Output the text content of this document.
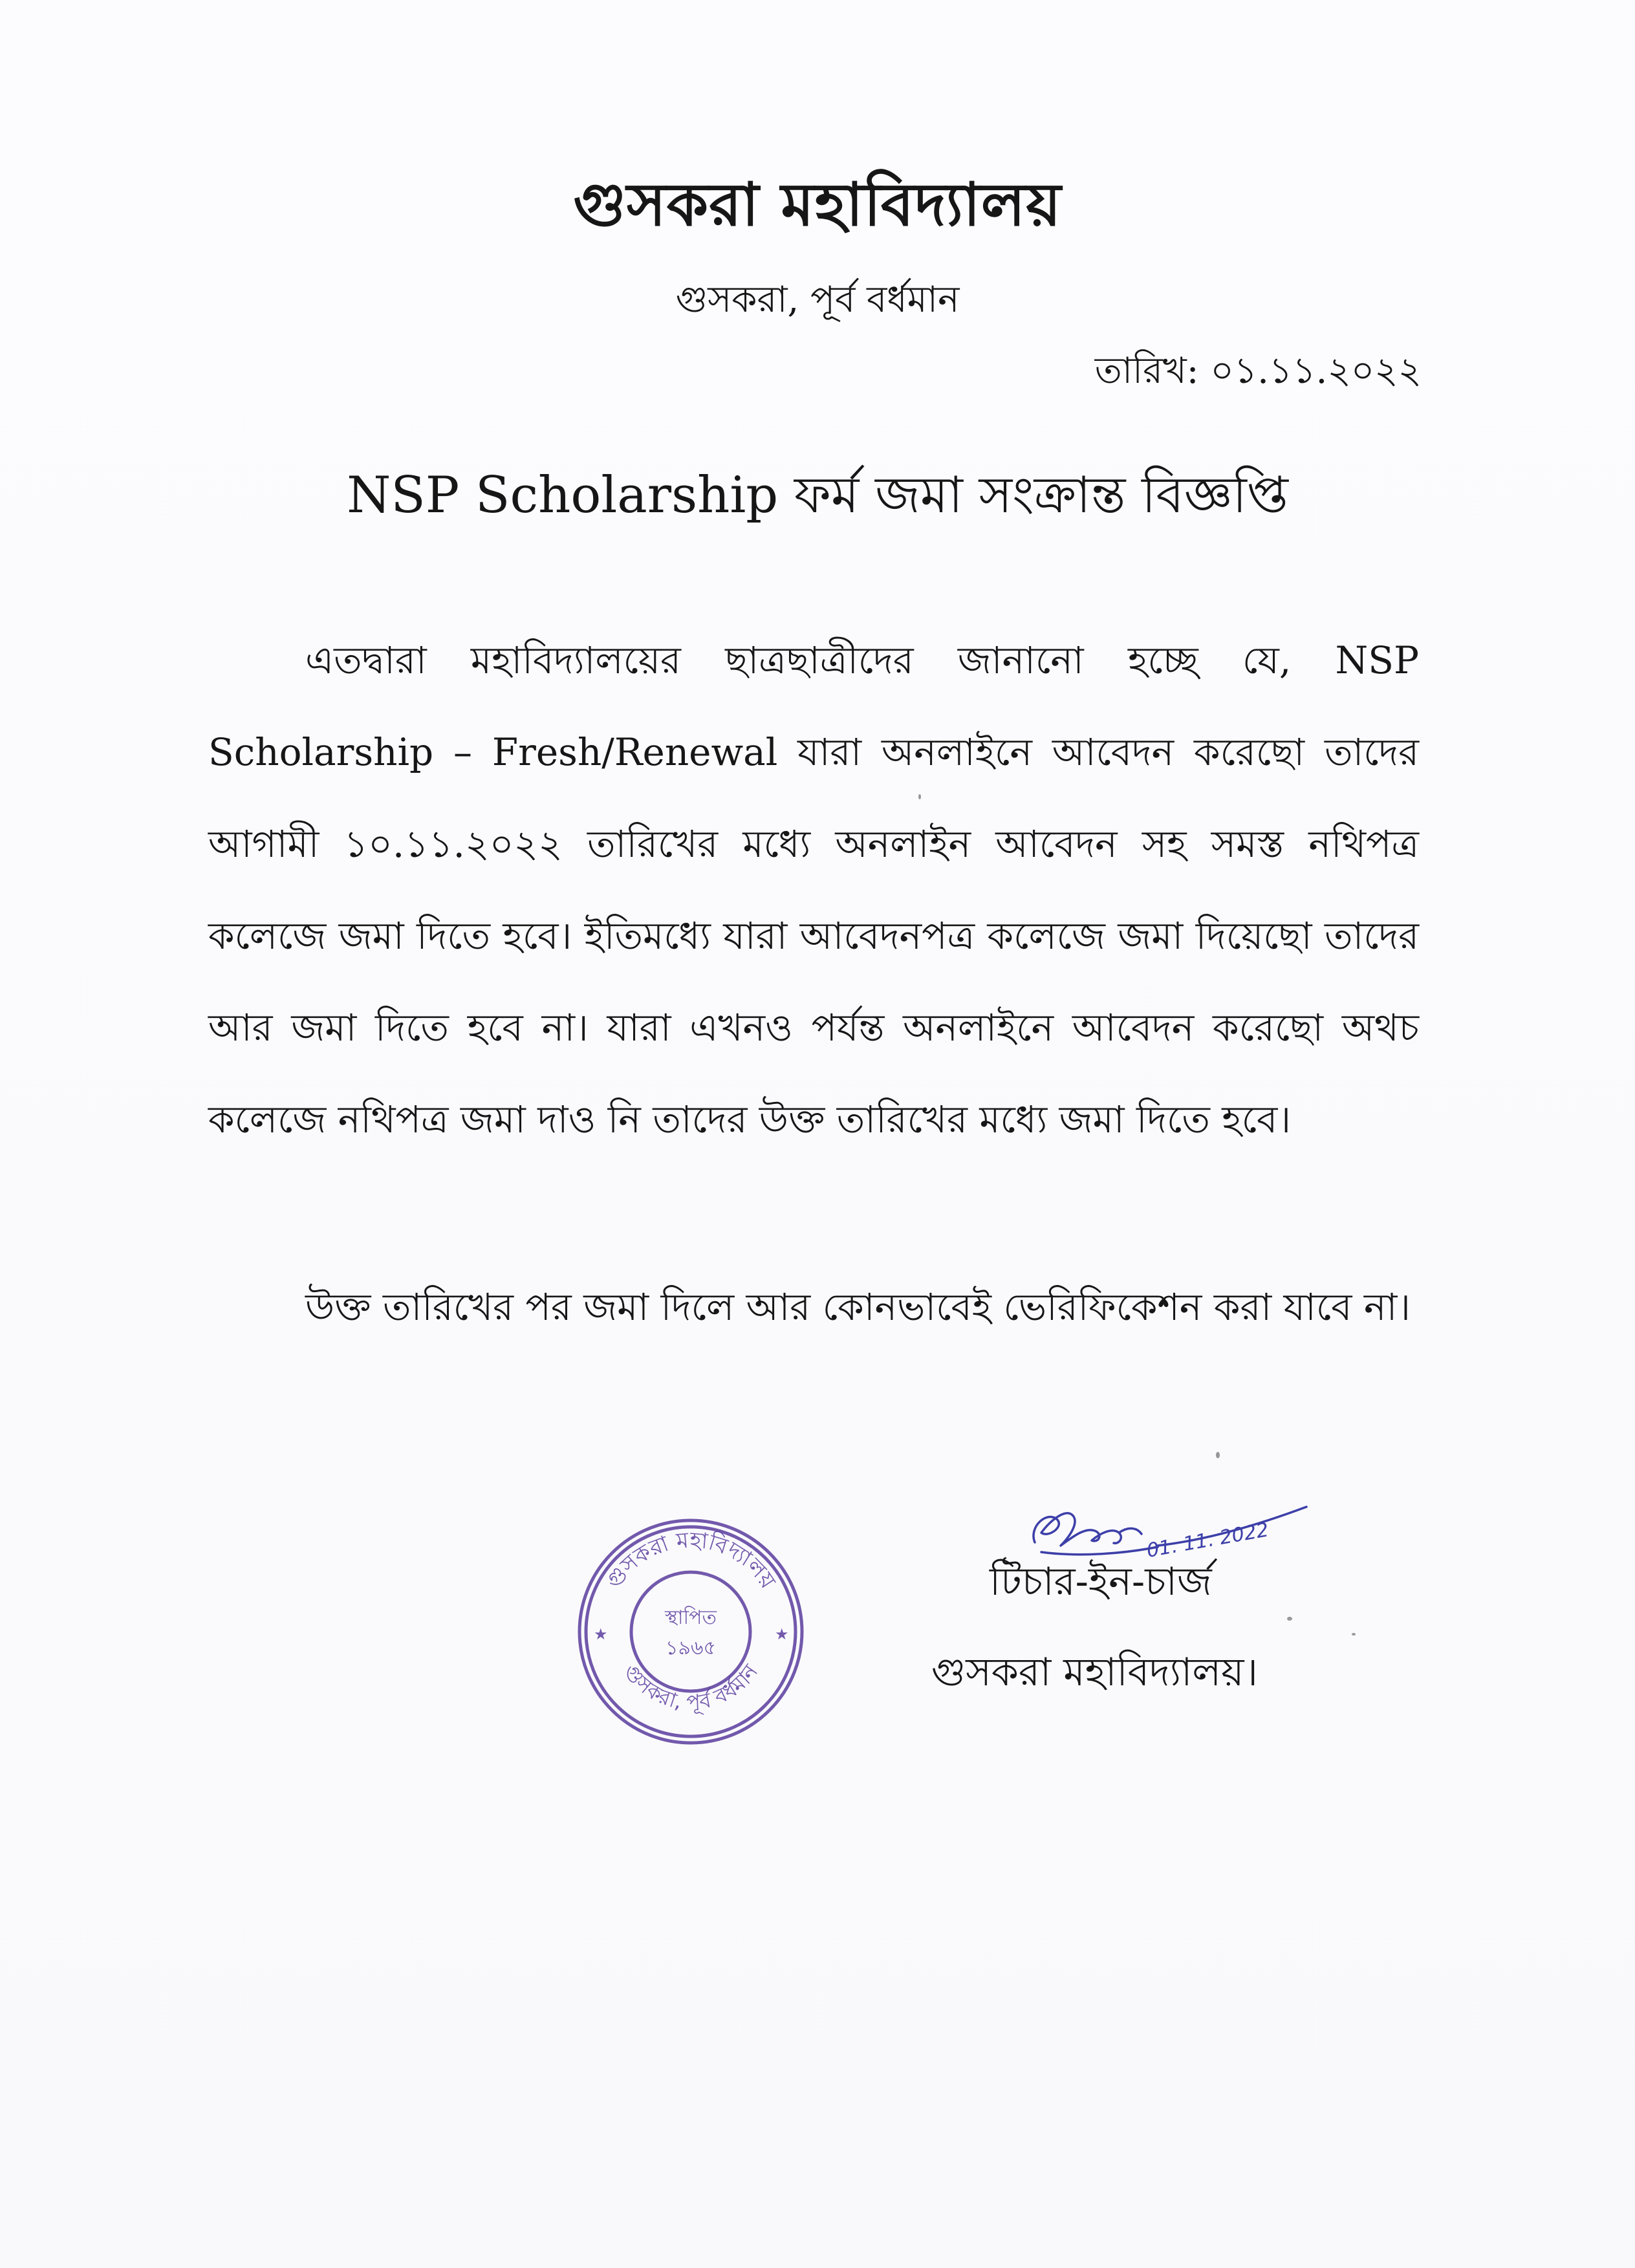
গুসকরা মহাবিদ্যালয়
গুসকরা, পূর্ব বর্ধমান
তারিখ: ০১.১১.২০২২
NSP Scholarship ফর্ম জমা সংক্রান্ত বিজ্ঞপ্তি

এতদ্বারা মহাবিদ্যালয়ের ছাত্রছাত্রীদের জানানো হচ্ছে যে, NSP Scholarship – Fresh/Renewal যারা অনলাইনে আবেদন করেছো তাদের আগামী ১০.১১.২০২২ তারিখের মধ্যে অনলাইন আবেদন সহ সমস্ত নথিপত্র কলেজে জমা দিতে হবে। ইতিমধ্যে যারা আবেদনপত্র কলেজে জমা দিয়েছো তাদের আর জমা দিতে হবে না। যারা এখনও পর্যন্ত অনলাইনে আবেদন করেছো অথচ কলেজে নথিপত্র জমা দাও নি তাদের উক্ত তারিখের মধ্যে জমা দিতে হবে।

উক্ত তারিখের পর জমা দিলে আর কোনভাবেই ভেরিফিকেশন করা যাবে না।

01. 11. 2022
টিচার-ইন-চার্জ
গুসকরা মহাবিদ্যালয়।
গুসকরা মহাবিদ্যালয়
গুসকরা, পূর্ব বর্ধমান
স্থাপিত
১৯৬৫
★	★
